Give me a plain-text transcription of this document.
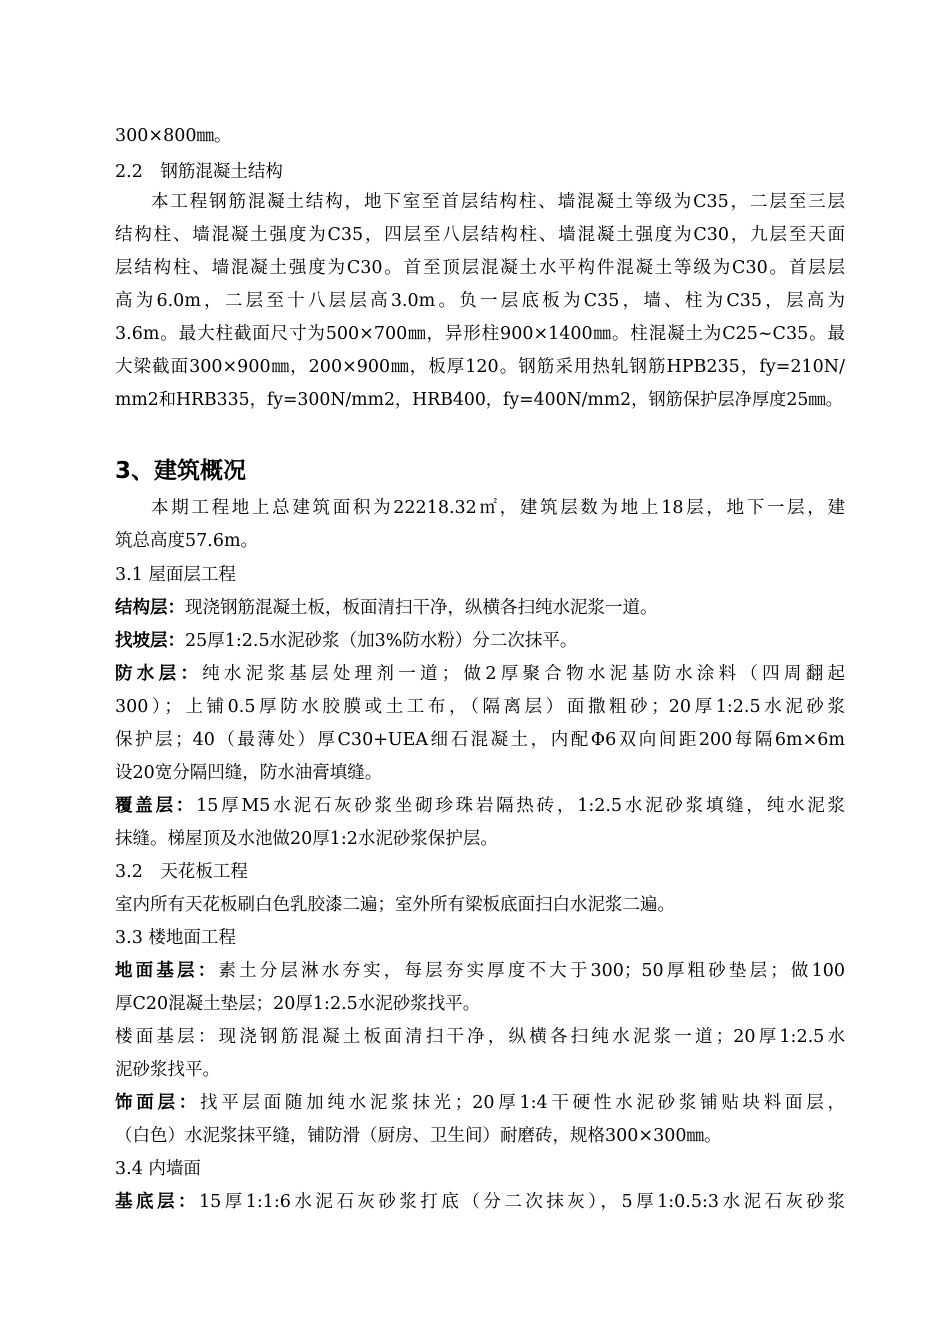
300×800㎜。
2.2　钢筋混凝土结构
本工程钢筋混凝土结构，地下室至首层结构柱、墙混凝土等级为C35，二层至三层
结构柱、墙混凝土强度为C35，四层至八层结构柱、墙混凝土强度为C30，九层至天面
层结构柱、墙混凝土强度为C30。首至顶层混凝土水平构件混凝土等级为C30。首层层
高为6.0m，二层至十八层层高3.0m。负一层底板为C35，墙、柱为C35，层高为
3.6m。最大柱截面尺寸为500×700㎜，异形柱900×1400㎜。柱混凝土为C25~C35。最
大梁截面300×900㎜，200×900㎜，板厚120。钢筋采用热轧钢筋HPB235，fy=210N/
mm2和HRB335，fy=300N/mm2，HRB400，fy=400N/mm2，钢筋保护层净厚度25㎜。
3、建筑概况
本期工程地上总建筑面积为22218.32㎡，建筑层数为地上18层，地下一层，建
筑总高度57.6m。
3.1 屋面层工程
结构层：现浇钢筋混凝土板，板面清扫干净，纵横各扫纯水泥浆一道。
找坡层：25厚1:2.5水泥砂浆（加3%防水粉）分二次抹平。
防水层：纯水泥浆基层处理剂一道；做2厚聚合物水泥基防水涂料（四周翻起
300）；上铺0.5厚防水胶膜或土工布，（隔离层）面撒粗砂；20厚1:2.5水泥砂浆
保护层；40（最薄处）厚C30+UEA细石混凝土，内配Φ6双向间距200每隔6m×6m
设20宽分隔凹缝，防水油膏填缝。
覆盖层：15厚M5水泥石灰砂浆坐砌珍珠岩隔热砖，1:2.5水泥砂浆填缝，纯水泥浆
抹缝。梯屋顶及水池做20厚1:2水泥砂浆保护层。
3.2　天花板工程
室内所有天花板刷白色乳胶漆二遍；室外所有梁板底面扫白水泥浆二遍。
3.3 楼地面工程
地面基层：素土分层淋水夯实，每层夯实厚度不大于300；50厚粗砂垫层；做100
厚C20混凝土垫层；20厚1:2.5水泥砂浆找平。
楼面基层：现浇钢筋混凝土板面清扫干净，纵横各扫纯水泥浆一道；20厚1:2.5水
泥砂浆找平。
饰面层：找平层面随加纯水泥浆抹光；20厚1:4干硬性水泥砂浆铺贴块料面层，
（白色）水泥浆抹平缝，铺防滑（厨房、卫生间）耐磨砖，规格300×300㎜。
3.4 内墙面
基底层：15厚1:1:6水泥石灰砂浆打底（分二次抹灰），5厚1:0.5:3水泥石灰砂浆
